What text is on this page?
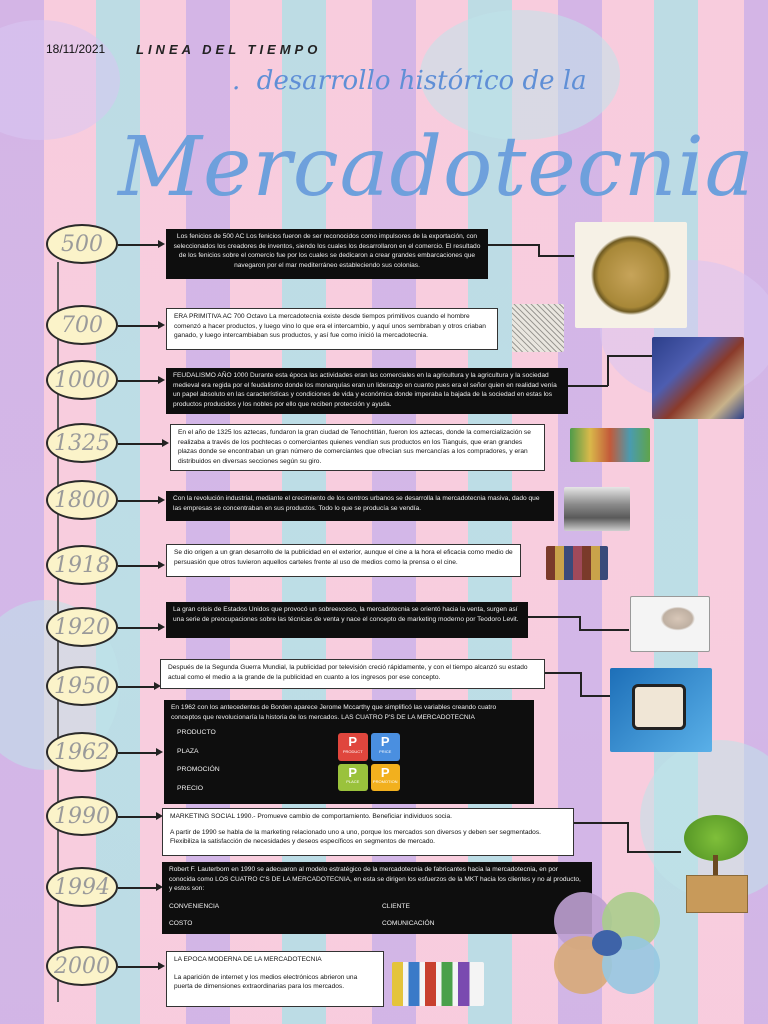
18/11/2021 LINEA DEL TIEMPO
. desarrollo histórico de la
Mercadotecnia
500
700
1000
1325
1800
1918
1920
1950
1962
1990
1994
2000
Los fenicios de 500 AC Los fenicios fueron de ser reconocidos como impulsores de la exportación, con seleccionados los creadores de inventos, siendo los cuales los desarrollaron en el comercio. El resultado de los fenicios sobre el comercio fue por los cuales se dedicaron a crear grandes embarcaciones que navegaron por el mar mediterráneo estableciendo sus colonias.
ERA PRIMITIVA AC 700 Octavo La mercadotecnia existe desde tiempos primitivos cuando el hombre comenzó a hacer productos, y luego vino lo que era el intercambio, y aquí unos sembraban y otros criaban ganado, y luego intercambiaban sus productos, y así fue como inició la mercadotecnia.
FEUDALISMO AÑO 1000 Durante esta época las actividades eran las comerciales en la agricultura y la agricultura y la sociedad medieval era regida por el feudalismo donde los monarquías eran un liderazgo en cuanto pues era el señor quien en realidad venía un papel absoluto en las características y condiciones de vida y económica donde imperaba la bajada de la sociedad en estas los productos producidos y los nobles por ello que reciben protección y ayuda.
En el año de 1325 los aztecas, fundaron la gran ciudad de Tenochtitlán, fueron los aztecas, donde la comercialización se realizaba a través de los pochtecas o comerciantes quienes vendían sus productos en los Tianguis, que eran grandes plazas donde se encontraban un gran número de comerciantes que ofrecían sus mercancías a los compradores, y eran distribuidos en diversas secciones según su giro.
Con la revolución industrial, mediante el crecimiento de los centros urbanos se desarrolla la mercadotecnia masiva, dado que las empresas se concentraban en sus productos. Todo lo que se producía se vendía.
Se dio origen a un gran desarrollo de la publicidad en el exterior, aunque el cine a la hora el eficacia como medio de persuasión que otros tuvieron aquellos carteles frente al uso de medios como la prensa o el cine.
La gran crisis de Estados Unidos que provocó un sobreexceso, la mercadotecnia se orientó hacia la venta, surgen así una serie de preocupaciones sobre las técnicas de venta y nace el concepto de marketing moderno por Teodoro Levit.
Después de la Segunda Guerra Mundial, la publicidad por televisión creció rápidamente, y con el tiempo alcanzó su estado actual como el medio a la grande de la publicidad en cuanto a los ingresos por ese concepto.
En 1962 con los antecedentes de Borden aparece Jerome Mccarthy que simplificó las variables creando cuatro conceptos que revolucionaría la historia de los mercados. LAS CUATRO P'S DE LA MERCADOTECNIA
PRODUCTO
PLAZA
PROMOCIÓN
PRECIO
P
PRODUCT
P
PRICE
P
PLACE
P
PROMOTION
MARKETING SOCIAL 1990.- Promueve cambio de comportamiento. Beneficiar individuos socia.
A partir de 1990 se habla de la marketing relacionado uno a uno, porque los mercados son diversos y deben ser segmentados. Flexibiliza la satisfacción de necesidades y deseos específicos en segmentos de mercado.
Robert F. Lauterborn en 1990 se adecuaron al modelo estratégico de la mercadotecnia de fabricantes hacia la mercadotecnia, en por conocida como LOS CUATRO C'S DE LA MERCADOTECNIA, en esta se dirigen los esfuerzos de la MKT hacia los clientes y no al producto, y estos son:
CONVENIENCIA	CLIENTE
COSTO	COMUNICACIÓN
LA EPOCA MODERNA DE LA MERCADOTECNIA
La aparición de internet y los medios electrónicos abrieron una puerta de dimensiones extraordinarias para los mercados.
